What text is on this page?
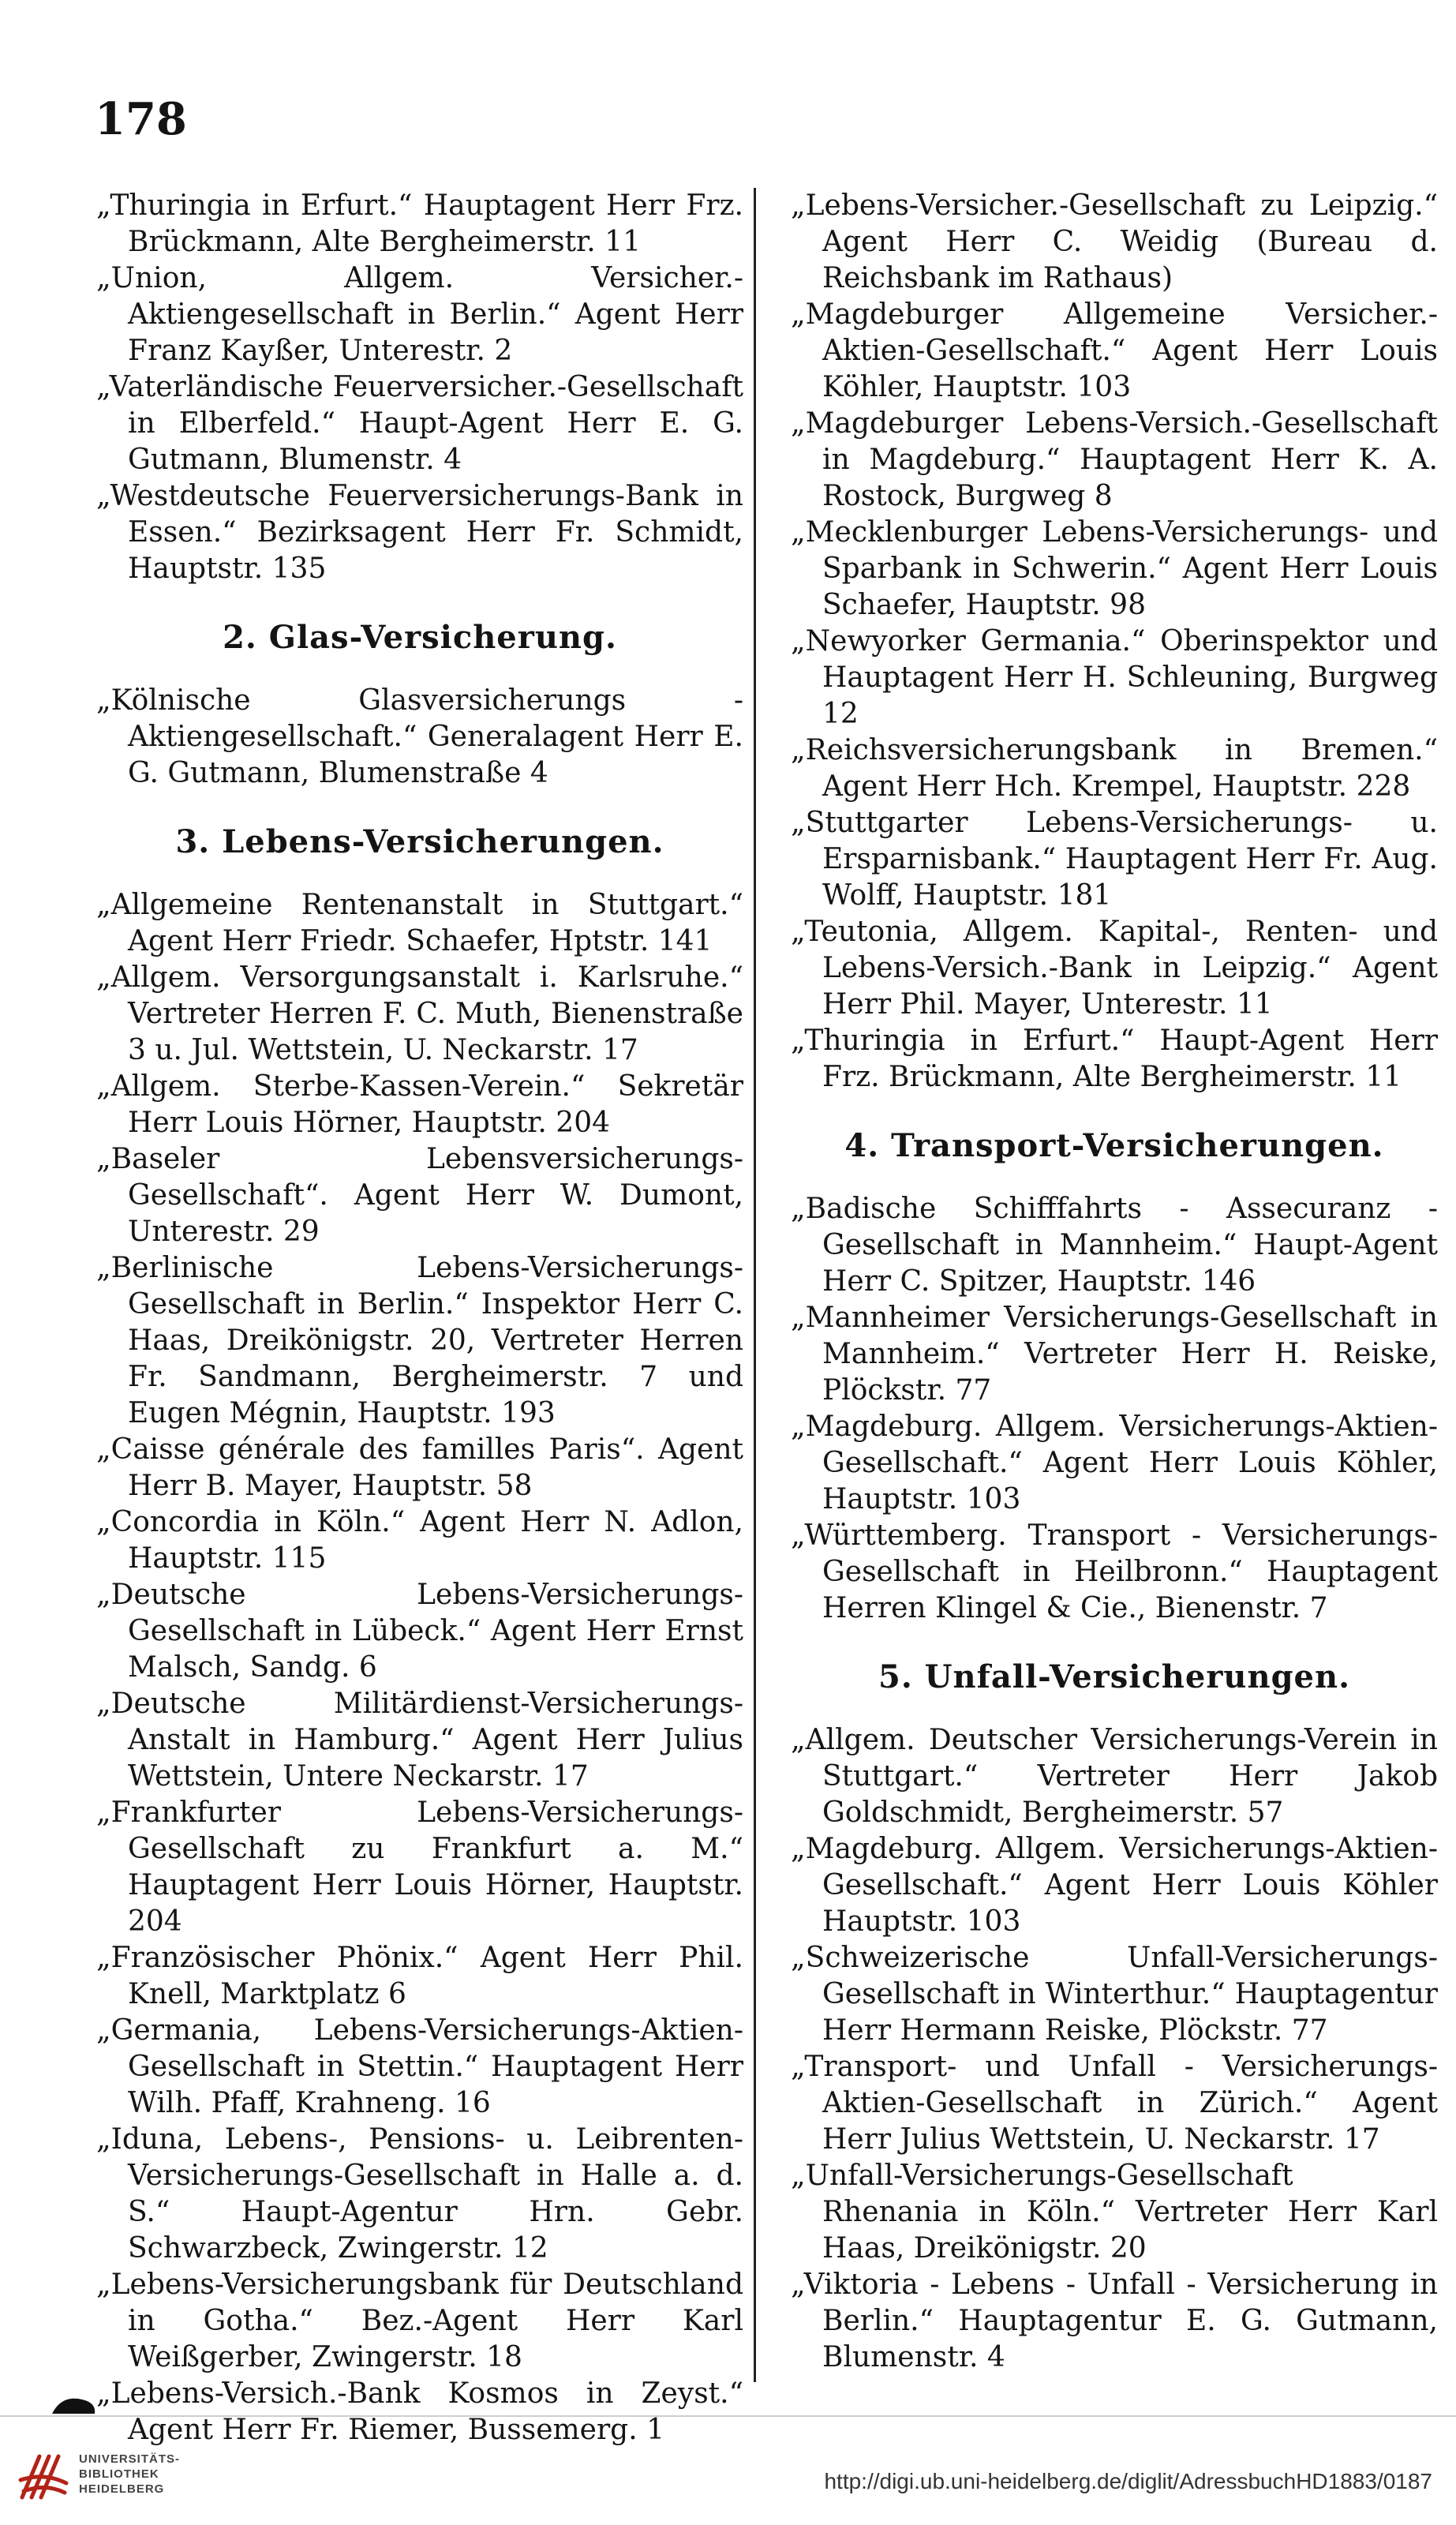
178

„Thuringia in Erfurt.“ Hauptagent Herr Frz. Brückmann, Alte Bergheimerstr. 11

„Union, Allgem. Versicher.-Aktiengesellschaft in Berlin.“ Agent Herr Franz Kayßer, Unterestr. 2

„Vaterländische Feuerversicher.-Gesellschaft in Elberfeld.“ Haupt-Agent Herr E. G. Gutmann, Blumenstr. 4

„Westdeutsche Feuerversicherungs-Bank in Essen.“ Bezirksagent Herr Fr. Schmidt, Hauptstr. 135

2. Glas-Versicherung.

„Kölnische Glasversicherungs - Aktiengesellschaft.“ Generalagent Herr E. G. Gutmann, Blumenstraße 4

3. Lebens-Versicherungen.

„Allgemeine Rentenanstalt in Stuttgart.“ Agent Herr Friedr. Schaefer, Hptstr. 141

„Allgem. Versorgungsanstalt i. Karlsruhe.“ Vertreter Herren F. C. Muth, Bienenstraße 3 u. Jul. Wettstein, U. Neckarstr. 17

„Allgem. Sterbe-Kassen-Verein.“ Sekretär Herr Louis Hörner, Hauptstr. 204

„Baseler Lebensversicherungs-Gesellschaft“. Agent Herr W. Dumont, Unterestr. 29

„Berlinische Lebens-Versicherungs-Gesellschaft in Berlin.“ Inspektor Herr C. Haas, Dreikönigstr. 20, Vertreter Herren Fr. Sandmann, Bergheimerstr. 7 und Eugen Mégnin, Hauptstr. 193

„Caisse générale des familles Paris“. Agent Herr B. Mayer, Hauptstr. 58

„Concordia in Köln.“ Agent Herr N. Adlon, Hauptstr. 115

„Deutsche Lebens-Versicherungs-Gesellschaft in Lübeck.“ Agent Herr Ernst Malsch, Sandg. 6

„Deutsche Militärdienst-Versicherungs-Anstalt in Hamburg.“ Agent Herr Julius Wettstein, Untere Neckarstr. 17

„Frankfurter Lebens-Versicherungs-Gesellschaft zu Frankfurt a. M.“ Hauptagent Herr Louis Hörner, Hauptstr. 204

„Französischer Phönix.“ Agent Herr Phil. Knell, Marktplatz 6

„Germania, Lebens-Versicherungs-Aktien-Gesellschaft in Stettin.“ Hauptagent Herr Wilh. Pfaff, Krahneng. 16

„Iduna, Lebens-, Pensions- u. Leibrenten-Versicherungs-Gesellschaft in Halle a. d. S.“ Haupt-Agentur Hrn. Gebr. Schwarzbeck, Zwingerstr. 12

„Lebens-Versicherungsbank für Deutschland in Gotha.“ Bez.-Agent Herr Karl Weißgerber, Zwingerstr. 18

„Lebens-Versich.-Bank Kosmos in Zeyst.“ Agent Herr Fr. Riemer, Bussemerg. 1

„Lebens-Versicher.-Gesellschaft zu Leipzig.“ Agent Herr C. Weidig (Bureau d. Reichsbank im Rathaus)

„Magdeburger Allgemeine Versicher.-Aktien-Gesellschaft.“ Agent Herr Louis Köhler, Hauptstr. 103

„Magdeburger Lebens-Versich.-Gesellschaft in Magdeburg.“ Hauptagent Herr K. A. Rostock, Burgweg 8

„Mecklenburger Lebens-Versicherungs- und Sparbank in Schwerin.“ Agent Herr Louis Schaefer, Hauptstr. 98

„Newyorker Germania.“ Oberinspektor und Hauptagent Herr H. Schleuning, Burgweg 12

„Reichsversicherungsbank in Bremen.“ Agent Herr Hch. Krempel, Hauptstr. 228

„Stuttgarter Lebens-Versicherungs- u. Ersparnisbank.“ Hauptagent Herr Fr. Aug. Wolff, Hauptstr. 181

„Teutonia, Allgem. Kapital-, Renten- und Lebens-Versich.-Bank in Leipzig.“ Agent Herr Phil. Mayer, Unterestr. 11

„Thuringia in Erfurt.“ Haupt-Agent Herr Frz. Brückmann, Alte Bergheimerstr. 11

4. Transport-Versicherungen.

„Badische Schifffahrts - Assecuranz - Gesellschaft in Mannheim.“ Haupt-Agent Herr C. Spitzer, Hauptstr. 146

„Mannheimer Versicherungs-Gesellschaft in Mannheim.“ Vertreter Herr H. Reiske, Plöckstr. 77

„Magdeburg. Allgem. Versicherungs-Aktien-Gesellschaft.“ Agent Herr Louis Köhler, Hauptstr. 103

„Württemberg. Transport - Versicherungs-Gesellschaft in Heilbronn.“ Hauptagent Herren Klingel & Cie., Bienenstr. 7

5. Unfall-Versicherungen.

„Allgem. Deutscher Versicherungs-Verein in Stuttgart.“ Vertreter Herr Jakob Goldschmidt, Bergheimerstr. 57

„Magdeburg. Allgem. Versicherungs-Aktien-Gesellschaft.“ Agent Herr Louis Köhler Hauptstr. 103

„Schweizerische Unfall-Versicherungs-Gesellschaft in Winterthur.“ Hauptagentur Herr Hermann Reiske, Plöckstr. 77

„Transport- und Unfall - Versicherungs-Aktien-Gesellschaft in Zürich.“ Agent Herr Julius Wettstein, U. Neckarstr. 17

„Unfall-Versicherungs-Gesellschaft Rhenania in Köln.“ Vertreter Herr Karl Haas, Dreikönigstr. 20

„Viktoria - Lebens - Unfall - Versicherung in Berlin.“ Hauptagentur E. G. Gutmann, Blumenstr. 4

UNIVERSITÄTS-
BIBLIOTHEK
HEIDELBERG	http://digi.ub.uni-heidelberg.de/diglit/AdressbuchHD1883/0187
